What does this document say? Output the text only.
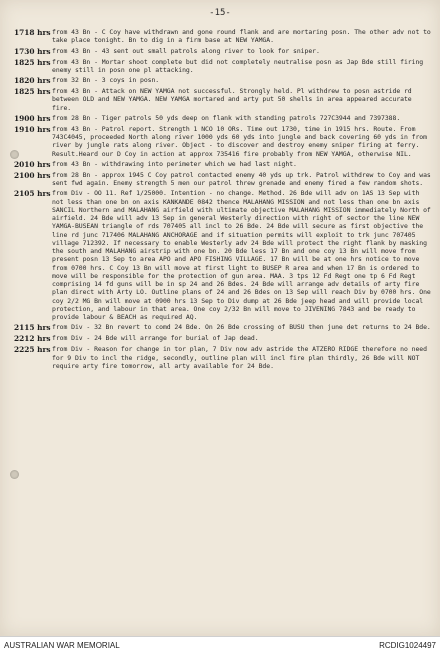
-15-
1718 hrs from 43 Bn - C Coy have withdrawn and gone round flank and are mortaring posn. The other adv not to take place tonight. Bn to dig in a firm base at NEW YAMGA.
1730 hrs from 43 Bn - 43 sent out small patrols along river to look for sniper.
1825 hrs from 43 Bn - Mortar shoot complete but did not completely neutralise posn as Jap Bde still firing enemy still in posn one pl attacking.
1820 hrs from 32 Bn - 3 coys in posn.
1825 hrs from 43 Bn - Attack on NEW YAMGA not successful. Strongly held. Pl withdrew to posn astride rd between OLD and NEW YAMGA. NEW YAMGA mortared and arty put 50 shells in area appeared accurate fire.
1900 hrs from 28 Bn - Tiger patrols 50 yds deep on flank with standing patrols 727C3944 and 7397388.
1910 hrs from 43 Bn - Patrol report. Strength 1 NCO 10 ORs. Time out 1730, time in 1915 hrs. Route. From 743C4045, proceeded North along river 1000 yds 60 yds into jungle and back covering 60 yds in from river by jungle rats along river. Object - to discover and destroy enemy sniper firing at ferry. Result.Heard our D Coy in action at approx 735416 fire probably from NEW YAMGA, otherwise NIL.
2010 hrs from 43 Bn - withdrawing into perimeter which we had last night.
2100 hrs from 28 Bn - approx 1945 C Coy patrol contacted enemy 40 yds up trk. Patrol withdrew to Coy and was sent fwd again. Enemy strength 5 men our patrol threw grenade and enemy fired a few random shots.
2105 hrs from Div - OO 11. Ref 1/25000. Intention - no change. Method. 26 Bde will adv on 1AS 13 Sep with not less than one bn on axis KANKANDE 0842 thence MALAHANG MISSION and not less than one bn axis SANCIL Northern and MALAHANG airfield with ultimate objective MALAHANG MISSION immediately North of airfield. 24 Bde will adv 13 Sep in general Westerly direction with right of sector the line NEW YAMGA-BUSEAN triangle of rds 707405 all incl to 26 Bde. 24 Bde will secure as first objective the line rd junc 717406 MALAHANG ANCHORAGE and if situation permits will exploit to trk junc 707405 village 712392. If necessary to enable Westerly adv 24 Bde will protect the right flank by masking the south and MALAHANG airstrip with one bn. 20 Bde less 17 Bn and one coy 13 Bn will move from present posn 13 Sep to area APO and APO FISHING VILLAGE. 17 Bn will be at one hrs notice to move from 0700 hrs. C Coy 13 Bn will move at first light to BUSEP R area and when 17 Bn is ordered to move will be responsible for the protection of gun area. MAA. 3 tps 12 Fd Regt one tp 6 Fd Regt comprising 14 fd guns will be in sp 24 and 26 Bdes. 24 Bde will arrange adv details of arty fire plan direct with Arty LO. Outline plans of 24 and 26 Bdes on 13 Sep will reach Div by 0700 hrs. One coy 2/2 MG Bn will move at 0900 hrs 13 Sep to Div dump at 26 Bde jeep head and will provide local protection, and labour in that area. One coy 2/32 Bn will move to JIVENING 7843 and be ready to provide labour & BEACH as required AQ.
2115 hrs from Div - 32 Bn revert to comd 24 Bde. On 26 Bde crossing of BUSU then june det returns to 24 Bde.
2212 hrs from Div - 24 Bde will arrange for burial of Jap dead.
2225 hrs from Div - Reason for change in tor plan, 7 Div now adv astride the ATZERO RIDGE therefore no need for 9 Div to incl the ridge, secondly, outline plan will incl fire plan thirdly, 26 Bde will NOT require arty fire tomorrow, all arty available for 24 Bde.
AUSTRALIAN WAR MEMORIAL	RCDIG1024497
